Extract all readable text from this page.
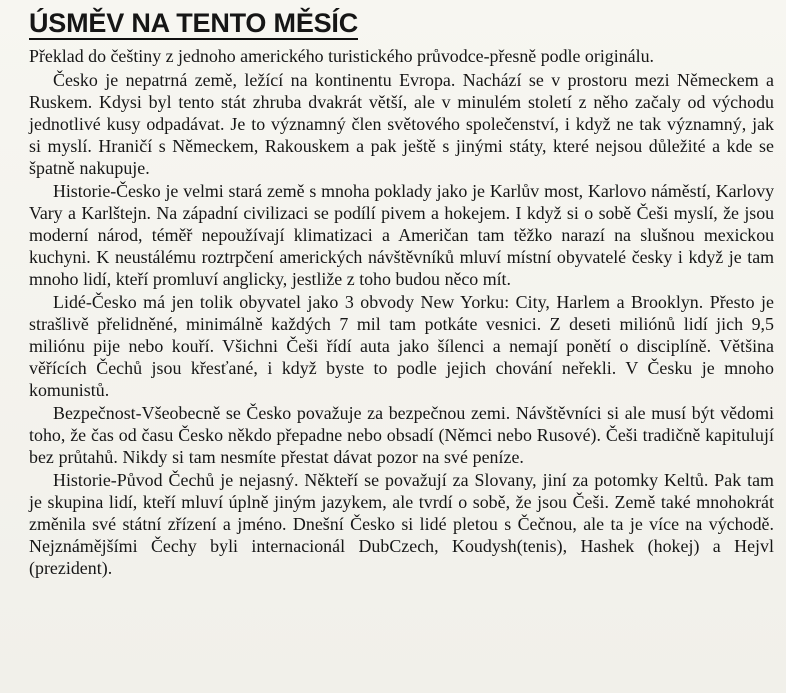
ÚSMĚV NA TENTO MĚSÍC

Překlad do češtiny z jednoho amerického turistického průvodce-přesně podle originálu.

Česko je nepatrná země, ležící na kontinentu Evropa. Nachází se v prostoru mezi Německem a Ruskem. Kdysi byl tento stát zhruba dvakrát větší, ale v minulém století z něho začaly od východu jednotlivé kusy odpadávat. Je to významný člen světového společenství, i když ne tak významný, jak si myslí. Hraničí s Německem, Rakouskem a pak ještě s jinými státy, které nejsou důležité a kde se špatně nakupuje.

Historie-Česko je velmi stará země s mnoha poklady jako je Karlův most, Karlovo náměstí, Karlovy Vary a Karlštejn. Na západní civilizaci se podílí pivem a hokejem. I když si o sobě Češi myslí, že jsou moderní národ, téměř nepoužívají klimatizaci a Američan tam těžko narazí na slušnou mexickou kuchyni. K neustálému roztrpčení amerických návštěvníků mluví místní obyvatelé česky i když je tam mnoho lidí, kteří promluví anglicky, jestliže z toho budou něco mít.

Lidé-Česko má jen tolik obyvatel jako 3 obvody New Yorku: City, Harlem a Brooklyn. Přesto je strašlivě přelidněné, minimálně každých 7 mil tam potkáte vesnici. Z deseti miliónů lidí jich 9,5 miliónu pije nebo kouří. Všichni Češi řídí auta jako šílenci a nemají ponětí o disciplíně. Většina věřících Čechů jsou křesťané, i když byste to podle jejich chování neřekli. V Česku je mnoho komunistů.

Bezpečnost-Všeobecně se Česko považuje za bezpečnou zemi. Návštěvníci si ale musí být vědomi toho, že čas od času Česko někdo přepadne nebo obsadí (Němci nebo Rusové). Češi tradičně kapitulují bez průtahů. Nikdy si tam nesmíte přestat dávat pozor na své peníze.

Historie-Původ Čechů je nejasný. Někteří se považují za Slovany, jiní za potomky Keltů. Pak tam je skupina lidí, kteří mluví úplně jiným jazykem, ale tvrdí o sobě, že jsou Češi. Země také mnohokrát změnila své státní zřízení a jméno. Dnešní Česko si lidé pletou s Čečnou, ale ta je více na východě. Nejznámějšími Čechy byli internacionál DubCzech, Koudysh(tenis), Hashek (hokej) a Hejvl (prezident).
